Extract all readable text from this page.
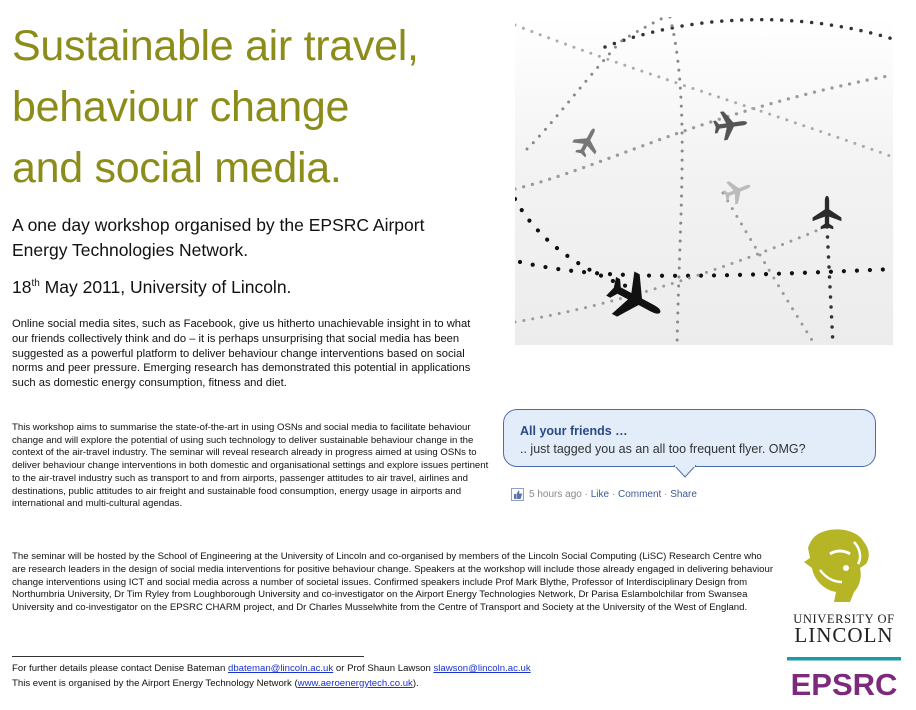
Sustainable air travel,
behaviour change
and social media.
A one day workshop organised by the EPSRC Airport Energy Technologies Network.
18th May 2011, University of Lincoln.

Online social media sites, such as Facebook, give us hitherto unachievable insight in to what our friends collectively think and do – it is perhaps unsurprising that social media has been suggested as a powerful platform to deliver behaviour change interventions based on social norms and peer pressure. Emerging research has demonstrated this potential in applications such as domestic energy consumption, fitness and diet.

This workshop aims to summarise the state-of-the-art in using OSNs and social media to facilitate behaviour change and will explore the potential of using such technology to deliver sustainable behaviour change in the context of the air-travel industry. The seminar will reveal research already in progress aimed at using OSNs to deliver behaviour change interventions in both domestic and organisational settings and explore issues pertinent to the air-travel industry such as transport to and from airports, passenger attitudes to air travel, airlines and destinations, public attitudes to air freight and sustainable food consumption, energy usage in airports and international and multi-cultural agendas.

The seminar will be hosted by the School of Engineering at the University of Lincoln and co-organised by members of the Lincoln Social Computing (LiSC) Research Centre who are research leaders in the design of social media interventions for positive behaviour change. Speakers at the workshop will include those already engaged in delivering behaviour change interventions using ICT and social media across a number of societal issues. Confirmed speakers include Prof Mark Blythe, Professor of Interdisciplinary Design from Northumbria University, Dr Tim Ryley from Loughborough University and co-investigator on the Airport Energy Technologies Network, Dr Parisa Eslambolchilar from Swansea University and co-investigator on the EPSRC CHARM project, and Dr Charles Musselwhite from the Centre of Transport and Society at the University of the West of England.

For further details please contact Denise Bateman dbateman@lincoln.ac.uk or Prof Shaun Lawson slawson@lincoln.ac.uk
This event is organised by the Airport Energy Technology Network (www.aeroenergytech.co.uk).
All your friends …
.. just tagged you as an all too frequent flyer. OMG?
5 hours ago · Like · Comment · Share
UNIVERSITY OF
LINCOLN
EPSRC
